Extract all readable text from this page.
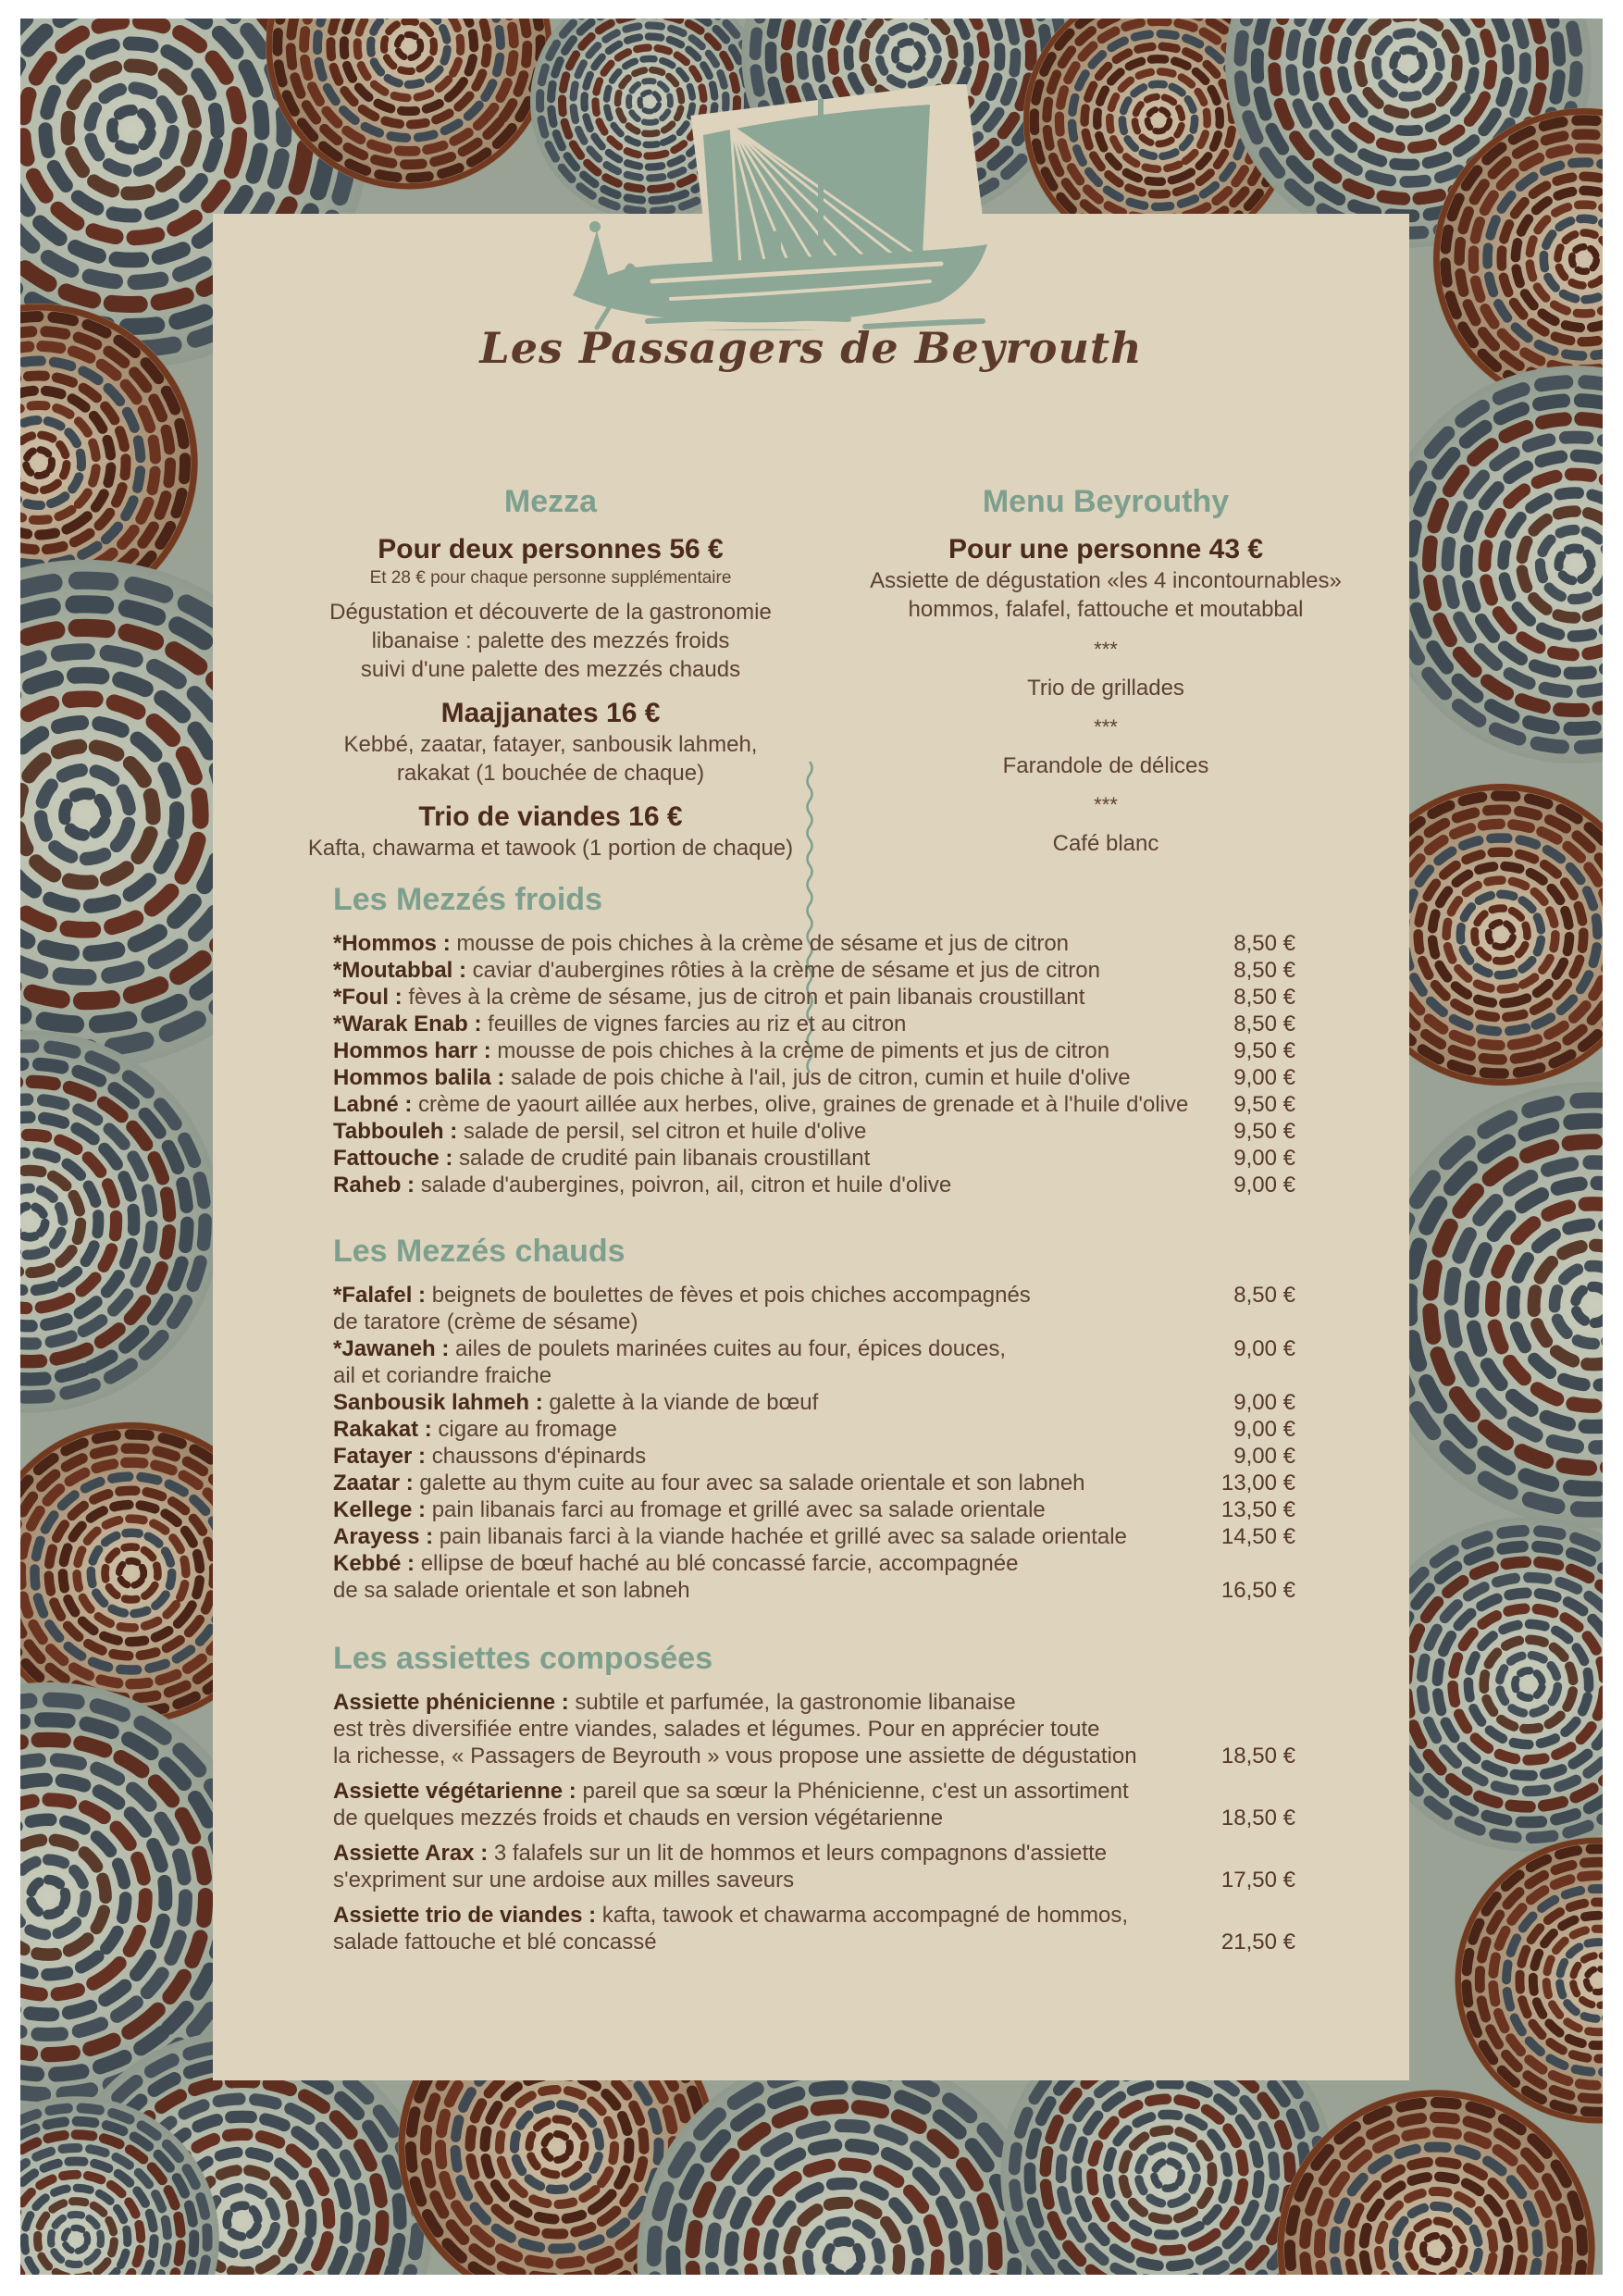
Les Passagers de Beyrouth
Mezza
Pour deux personnes 56 €
Et 28 € pour chaque personne supplémentaire
Dégustation et découverte de la gastronomie
libanaise : palette des mezzés froids
suivi d'une palette des mezzés chauds
Maajjanates 16 €
Kebbé, zaatar, fatayer, sanbousik lahmeh,
rakakat (1 bouchée de chaque)
Trio de viandes 16 €
Kafta, chawarma et tawook (1 portion de chaque)
Menu Beyrouthy
Pour une personne 43 €
Assiette de dégustation «les 4 incontournables»
hommos, falafel, fattouche et moutabbal
***
Trio de grillades
***
Farandole de délices
***
Café blanc
Les Mezzés froids
*Hommos : mousse de pois chiches à la crème de sésame et jus de citron	8,50 €
*Moutabbal : caviar d'aubergines rôties à la crème de sésame et jus de citron	8,50 €
*Foul : fèves à la crème de sésame, jus de citron et pain libanais croustillant	8,50 €
*Warak Enab : feuilles de vignes farcies au riz et au citron	8,50 €
Hommos harr : mousse de pois chiches à la crème de piments et jus de citron	9,50 €
Hommos balila : salade de pois chiche à l'ail, jus de citron, cumin et huile d'olive	9,00 €
Labné : crème de yaourt aillée aux herbes, olive, graines de grenade et à l'huile d'olive	9,50 €
Tabbouleh : salade de persil, sel citron et huile d'olive	9,50 €
Fattouche : salade de crudité pain libanais croustillant	9,00 €
Raheb : salade d'aubergines, poivron, ail, citron et huile d'olive	9,00 €
Les Mezzés chauds
*Falafel : beignets de boulettes de fèves et pois chiches accompagnés	8,50 €
de taratore (crème de sésame)
*Jawaneh : ailes de poulets marinées cuites au four, épices douces,	9,00 €
ail et coriandre fraiche
Sanbousik lahmeh : galette à la viande de bœuf	9,00 €
Rakakat : cigare au fromage	9,00 €
Fatayer : chaussons d'épinards	9,00 €
Zaatar : galette au thym cuite au four avec sa salade orientale et son labneh	13,00 €
Kellege : pain libanais farci au fromage et grillé avec sa salade orientale	13,50 €
Arayess : pain libanais farci à la viande hachée et grillé avec sa salade orientale	14,50 €
Kebbé : ellipse de bœuf haché au blé concassé farcie, accompagnée
de sa salade orientale et son labneh	16,50 €
Les assiettes composées
Assiette phénicienne : subtile et parfumée, la gastronomie libanaise
est très diversifiée entre viandes, salades et légumes. Pour en apprécier toute
la richesse, « Passagers de Beyrouth » vous propose une assiette de dégustation	18,50 €
Assiette végétarienne : pareil que sa sœur la Phénicienne, c'est un assortiment
de quelques mezzés froids et chauds en version végétarienne	18,50 €
Assiette Arax : 3 falafels sur un lit de hommos et leurs compagnons d'assiette
s'expriment sur une ardoise aux milles saveurs	17,50 €
Assiette trio de viandes : kafta, tawook et chawarma accompagné de hommos,
salade fattouche et blé concassé	21,50 €
